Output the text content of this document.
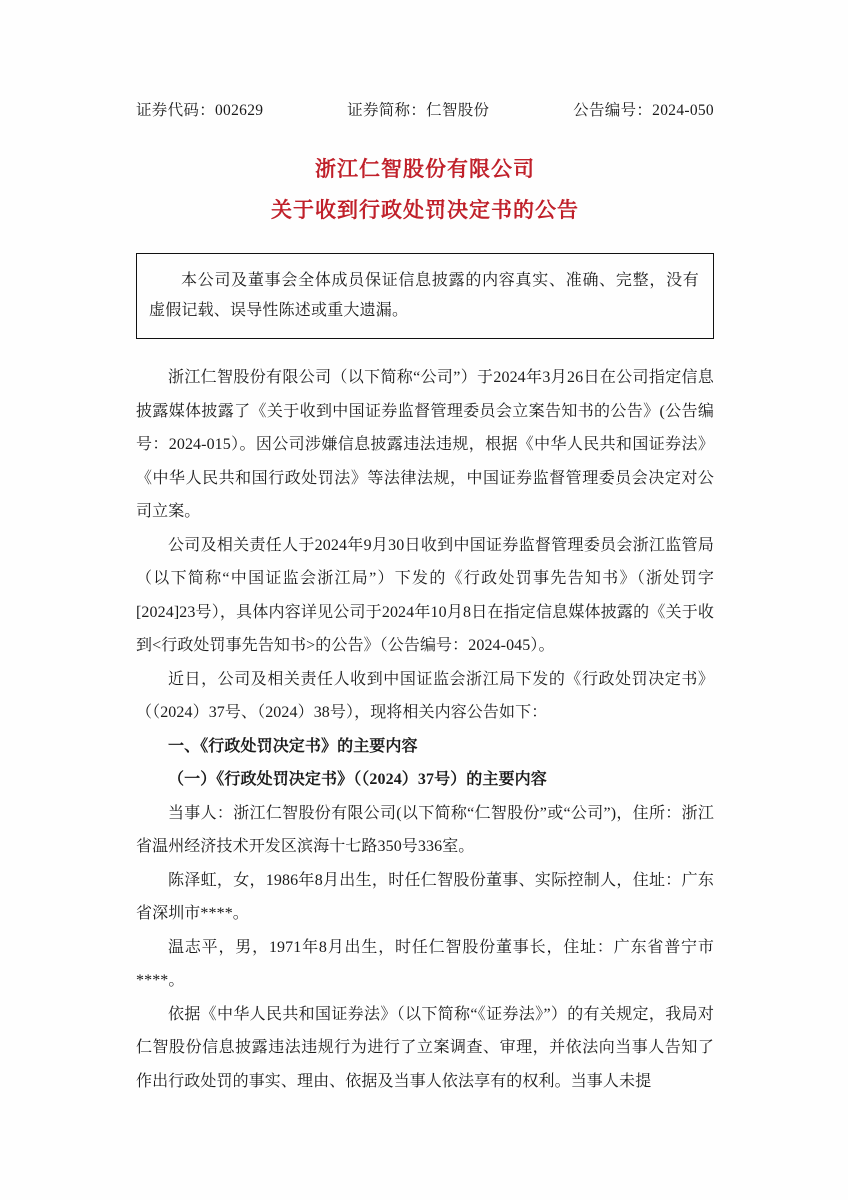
证券代码：002629	证券简称：仁智股份	公告编号：2024-050
浙江仁智股份有限公司
关于收到行政处罚决定书的公告
本公司及董事会全体成员保证信息披露的内容真实、准确、完整，没有虚假记载、误导性陈述或重大遗漏。

浙江仁智股份有限公司（以下简称“公司”）于2024年3月26日在公司指定信息披露媒体披露了《关于收到中国证券监督管理委员会立案告知书的公告》(公告编号：2024-015）。因公司涉嫌信息披露违法违规，根据《中华人民共和国证券法》《中华人民共和国行政处罚法》等法律法规，中国证券监督管理委员会决定对公司立案。

公司及相关责任人于2024年9月30日收到中国证券监督管理委员会浙江监管局（以下简称“中国证监会浙江局”）下发的《行政处罚事先告知书》（浙处罚字[2024]23号），具体内容详见公司于2024年10月8日在指定信息媒体披露的《关于收到<行政处罚事先告知书>的公告》（公告编号：2024-045）。

近日，公司及相关责任人收到中国证监会浙江局下发的《行政处罚决定书》（（2024）37号、（2024）38号），现将相关内容公告如下：

一、《行政处罚决定书》的主要内容

（一）《行政处罚决定书》（（2024）37号）的主要内容

当事人：浙江仁智股份有限公司(以下简称“仁智股份”或“公司”)，住所：浙江省温州经济技术开发区滨海十七路350号336室。

陈泽虹，女，1986年8月出生，时任仁智股份董事、实际控制人，住址：广东省深圳市****。

温志平，男，1971年8月出生，时任仁智股份董事长，住址：广东省普宁市****。

依据《中华人民共和国证券法》（以下简称“《证券法》”）的有关规定，我局对仁智股份信息披露违法违规行为进行了立案调查、审理，并依法向当事人告知了作出行政处罚的事实、理由、依据及当事人依法享有的权利。当事人未提
